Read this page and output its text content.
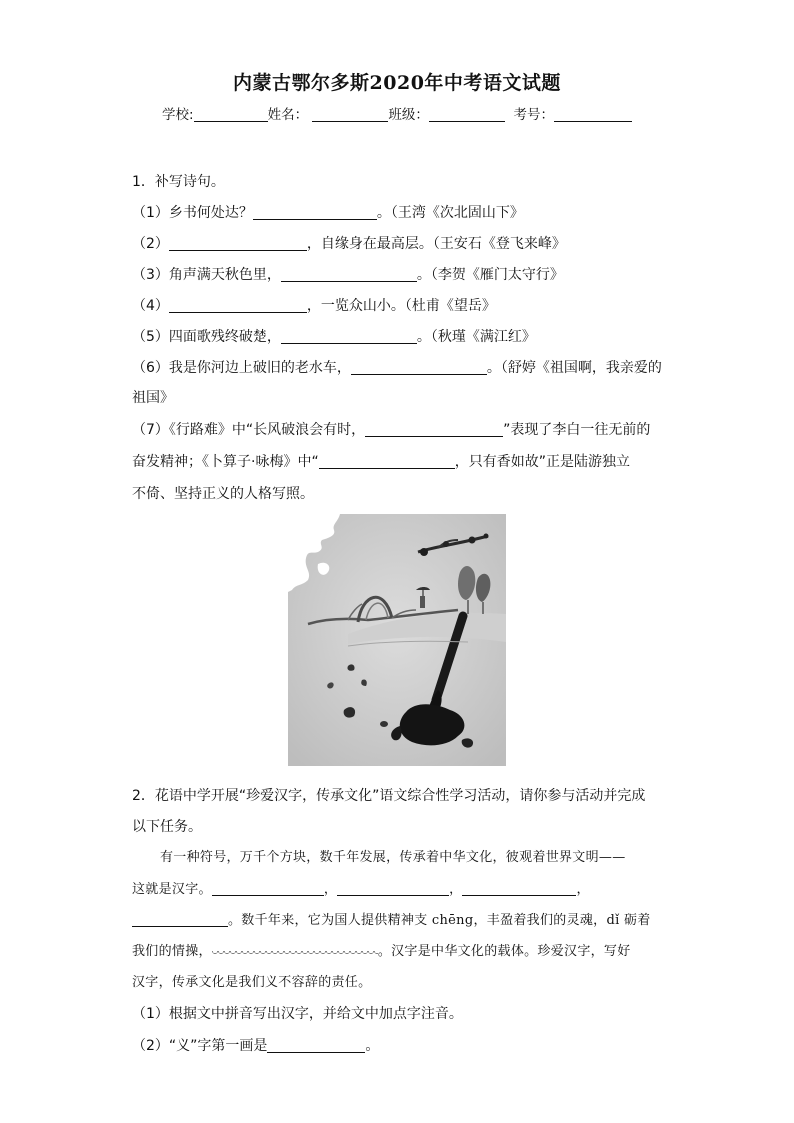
内蒙古鄂尔多斯2020年中考语文试题
学校:	姓名：	班级：	考号：
1．补写诗句。
（1）乡书何处达？	。（王湾《次北固山下》
（2）	，自缘身在最高层。（王安石《登飞来峰》
（3）角声满天秋色里，	。（李贺《雁门太守行》
（4）	，一览众山小。（杜甫《望岳》
（5）四面歌残终破楚，	。（秋瑾《满江红》
（6）我是你河边上破旧的老水车，	。（舒婷《祖国啊，我亲爱的
祖国》
（7）《行路难》中“长风破浪会有时，	”表现了李白一往无前的
奋发精神；《卜算子·咏梅》中“	，只有香如故”正是陆游独立
不倚、坚持正义的人格写照。
2．花语中学开展“珍爱汉字，传承文化”语文综合性学习活动，请你参与活动并完成
以下任务。
有一种符号，万千个方块，数千年发展，传承着中华文化，彼观着世界文明——
这就是汉字。	，	，	，
。数千年来，它为国人提供精神支 chēng，丰盈着我们的灵魂，dǐ 砺着
我们的情操，	。汉字是中华文化的载体。珍爱汉字，写好
汉字，传承文化是我们义不容辞的责任。
（1）根据文中拼音写出汉字，并给文中加点字注音。
（2）“义”字第一画是	。
